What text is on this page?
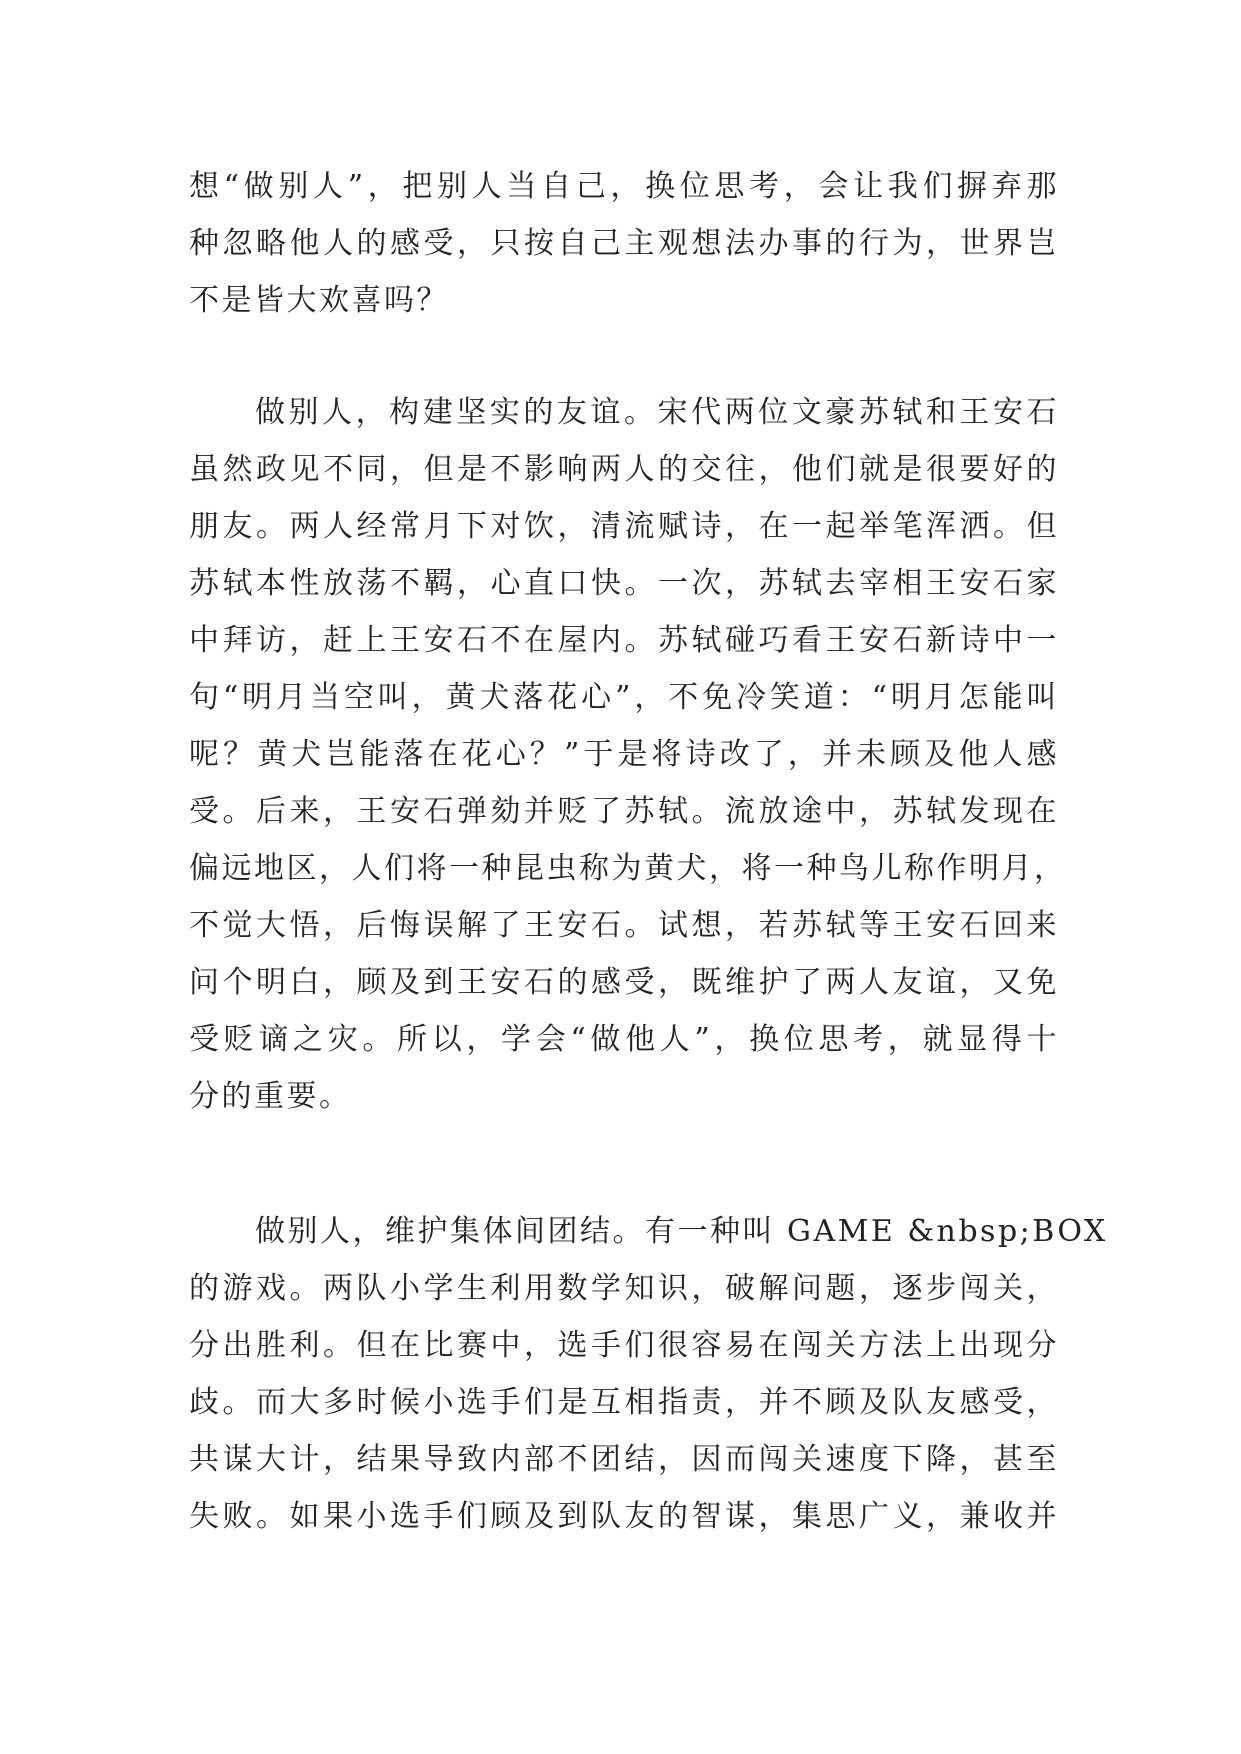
想“做别人”，把别人当自己，换位思考，会让我们摒弃那
种忽略他人的感受，只按自己主观想法办事的行为，世界岂
不是皆大欢喜吗？
做别人，构建坚实的友谊。宋代两位文豪苏轼和王安石
虽然政见不同，但是不影响两人的交往，他们就是很要好的
朋友。两人经常月下对饮，清流赋诗，在一起举笔浑洒。但
苏轼本性放荡不羁，心直口快。一次，苏轼去宰相王安石家
中拜访，赶上王安石不在屋内。苏轼碰巧看王安石新诗中一
句“明月当空叫，黄犬落花心”，不免冷笑道：“明月怎能叫
呢？黄犬岂能落在花心？”于是将诗改了，并未顾及他人感
受。后来，王安石弹劾并贬了苏轼。流放途中，苏轼发现在
偏远地区，人们将一种昆虫称为黄犬，将一种鸟儿称作明月，
不觉大悟，后悔误解了王安石。试想，若苏轼等王安石回来
问个明白，顾及到王安石的感受，既维护了两人友谊，又免
受贬谪之灾。所以，学会“做他人”，换位思考，就显得十
分的重要。
做别人，维护集体间团结。有一种叫 GAME &nbsp;BOX
的游戏。两队小学生利用数学知识，破解问题，逐步闯关，
分出胜利。但在比赛中，选手们很容易在闯关方法上出现分
歧。而大多时候小选手们是互相指责，并不顾及队友感受，
共谋大计，结果导致内部不团结，因而闯关速度下降，甚至
失败。如果小选手们顾及到队友的智谋，集思广义，兼收并
